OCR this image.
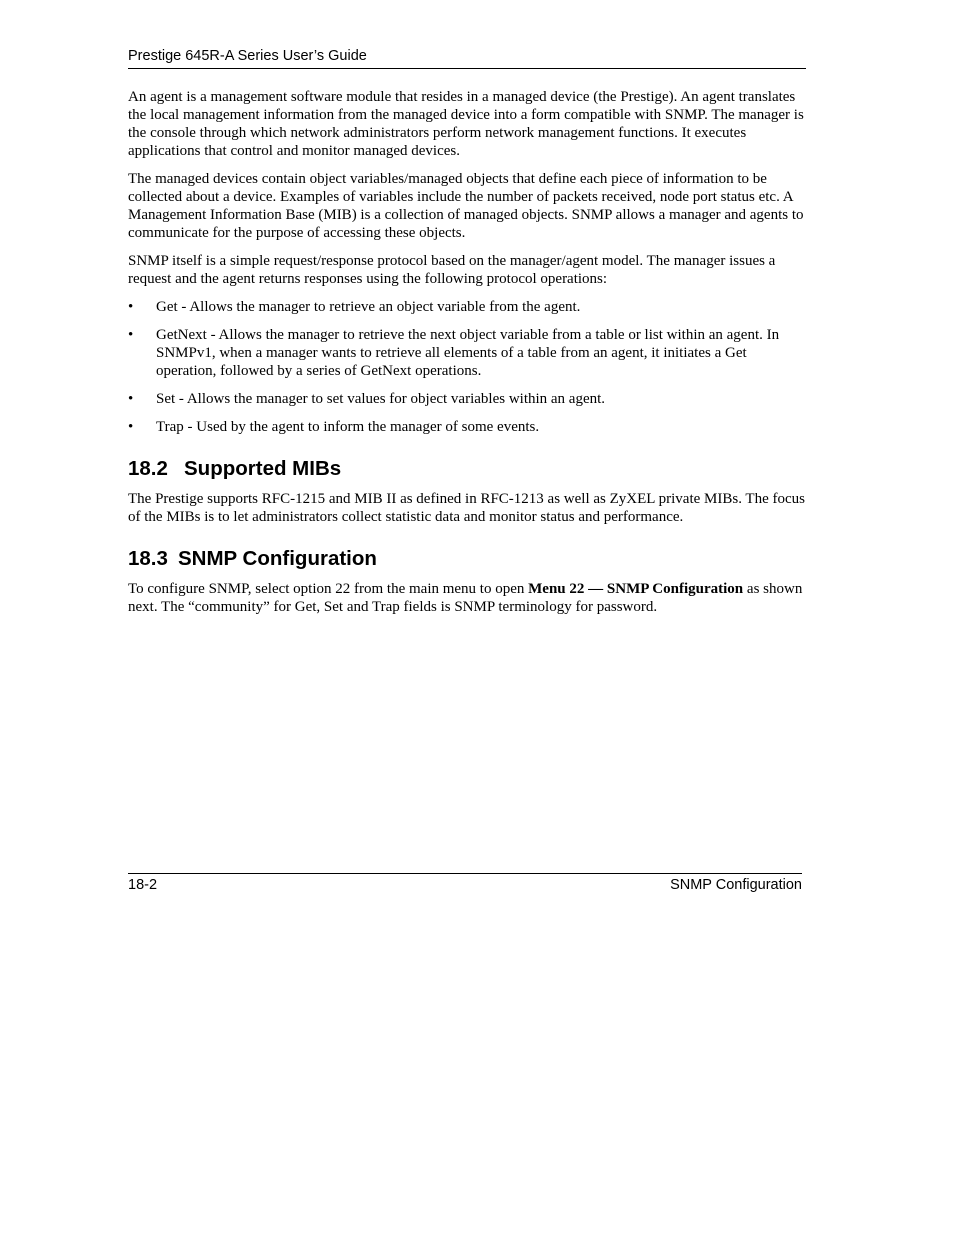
Prestige 645R-A Series User’s Guide

An agent is a management software module that resides in a managed device (the Prestige). An agent translates the local management information from the managed device into a form compatible with SNMP. The manager is the console through which network administrators perform network management functions. It executes applications that control and monitor managed devices.

The managed devices contain object variables/managed objects that define each piece of information to be collected about a device. Examples of variables include the number of packets received, node port status etc. A Management Information Base (MIB) is a collection of managed objects. SNMP allows a manager and agents to communicate for the purpose of accessing these objects.

SNMP itself is a simple request/response protocol based on the manager/agent model. The manager issues a request and the agent returns responses using the following protocol operations:

•	Get - Allows the manager to retrieve an object variable from the agent.
•	GetNext - Allows the manager to retrieve the next object variable from a table or list within an agent. In SNMPv1, when a manager wants to retrieve all elements of a table from an agent, it initiates a Get operation, followed by a series of GetNext operations.
•	Set - Allows the manager to set values for object variables within an agent.
•	Trap - Used by the agent to inform the manager of some events.
18.2 Supported MIBs

The Prestige supports RFC-1215 and MIB II as defined in RFC-1213 as well as ZyXEL private MIBs. The focus of the MIBs is to let administrators collect statistic data and monitor status and performance.

18.3 SNMP Configuration

To configure SNMP, select option 22 from the main menu to open Menu 22 — SNMP Configuration as shown next. The “community” for Get, Set and Trap fields is SNMP terminology for password.

18-2	SNMP Configuration
